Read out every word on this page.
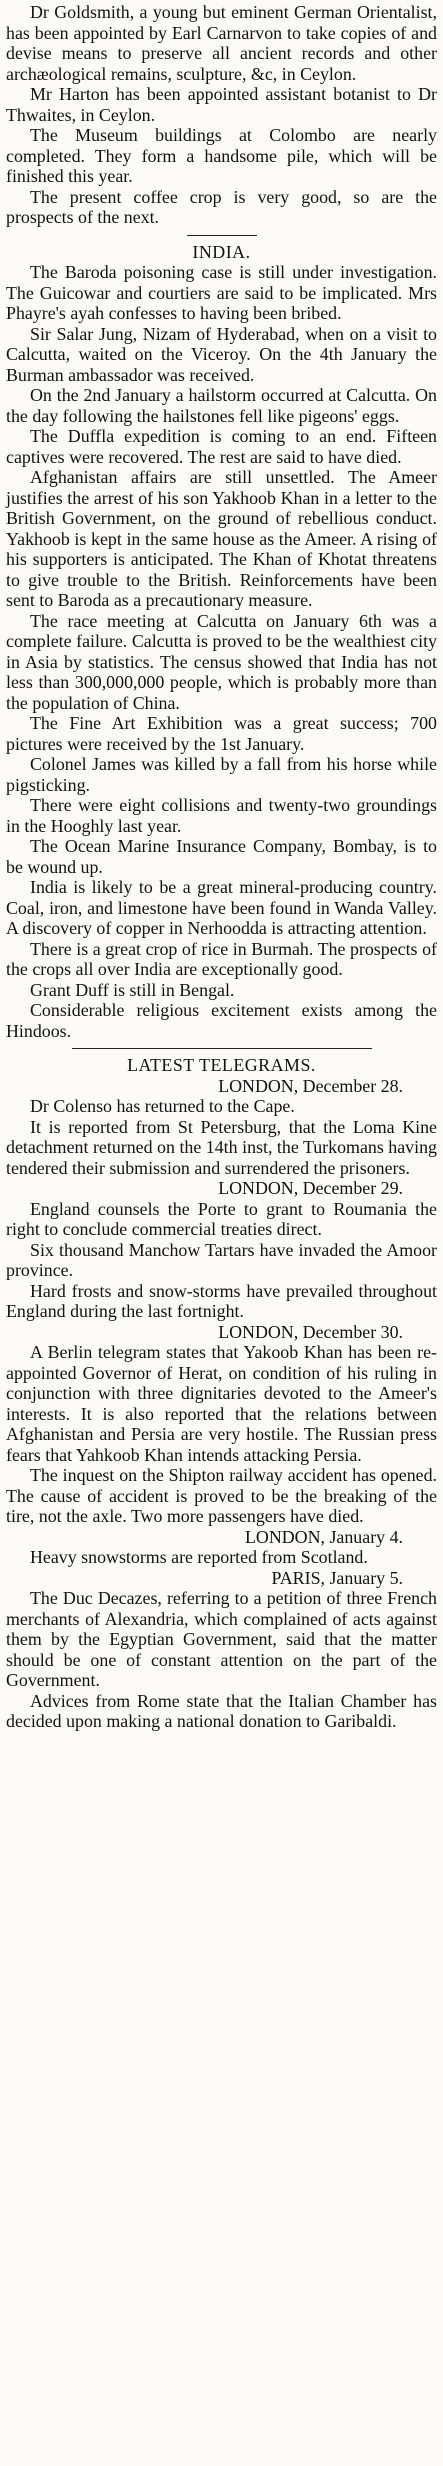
Dr Goldsmith, a young but eminent German Orientalist, has been appointed by Earl Carnarvon to take copies of and devise means to preserve all ancient records and other archæological remains, sculpture, &c, in Ceylon.

Mr Harton has been appointed assistant botanist to Dr Thwaites, in Ceylon.

The Museum buildings at Colombo are nearly completed. They form a handsome pile, which will be finished this year.

The present coffee crop is very good, so are the prospects of the next.

INDIA.

The Baroda poisoning case is still under investigation. The Guicowar and courtiers are said to be implicated. Mrs Phayre's ayah confesses to having been bribed.

Sir Salar Jung, Nizam of Hyderabad, when on a visit to Calcutta, waited on the Viceroy. On the 4th January the Burman ambassador was received.

On the 2nd January a hailstorm occurred at Calcutta. On the day following the hailstones fell like pigeons' eggs.

The Duffla expedition is coming to an end. Fifteen captives were recovered. The rest are said to have died.

Afghanistan affairs are still unsettled. The Ameer justifies the arrest of his son Yakhoob Khan in a letter to the British Government, on the ground of rebellious conduct. Yakhoob is kept in the same house as the Ameer. A rising of his supporters is anticipated. The Khan of Khotat threatens to give trouble to the British. Reinforcements have been sent to Baroda as a precautionary measure.

The race meeting at Calcutta on January 6th was a complete failure. Calcutta is proved to be the wealthiest city in Asia by statistics. The census showed that India has not less than 300,000,000 people, which is probably more than the population of China.

The Fine Art Exhibition was a great success; 700 pictures were received by the 1st January.

Colonel James was killed by a fall from his horse while pigsticking.

There were eight collisions and twenty-two groundings in the Hooghly last year.

The Ocean Marine Insurance Company, Bombay, is to be wound up.

India is likely to be a great mineral-producing country. Coal, iron, and limestone have been found in Wanda Valley. A discovery of copper in Nerhoodda is attracting attention.

There is a great crop of rice in Burmah. The prospects of the crops all over India are exceptionally good.

Grant Duff is still in Bengal.

Considerable religious excitement exists among the Hindoos.

LATEST TELEGRAMS.

LONDON, December 28.

Dr Colenso has returned to the Cape.

It is reported from St Petersburg, that the Loma Kine detachment returned on the 14th inst, the Turkomans having tendered their submission and surrendered the prisoners.

LONDON, December 29.

England counsels the Porte to grant to Roumania the right to conclude commercial treaties direct.

Six thousand Manchow Tartars have invaded the Amoor province.

Hard frosts and snow-storms have prevailed throughout England during the last fortnight.

LONDON, December 30.

A Berlin telegram states that Yakoob Khan has been re-appointed Governor of Herat, on condition of his ruling in conjunction with three dignitaries devoted to the Ameer's interests. It is also reported that the relations between Afghanistan and Persia are very hostile. The Russian press fears that Yahkoob Khan intends attacking Persia.

The inquest on the Shipton railway accident has opened. The cause of accident is proved to be the breaking of the tire, not the axle. Two more passengers have died.

LONDON, January 4.

Heavy snowstorms are reported from Scotland.

PARIS, January 5.

The Duc Decazes, referring to a petition of three French merchants of Alexandria, which complained of acts against them by the Egyptian Government, said that the matter should be one of constant attention on the part of the Government.

Advices from Rome state that the Italian Chamber has decided upon making a national donation to Garibaldi.
